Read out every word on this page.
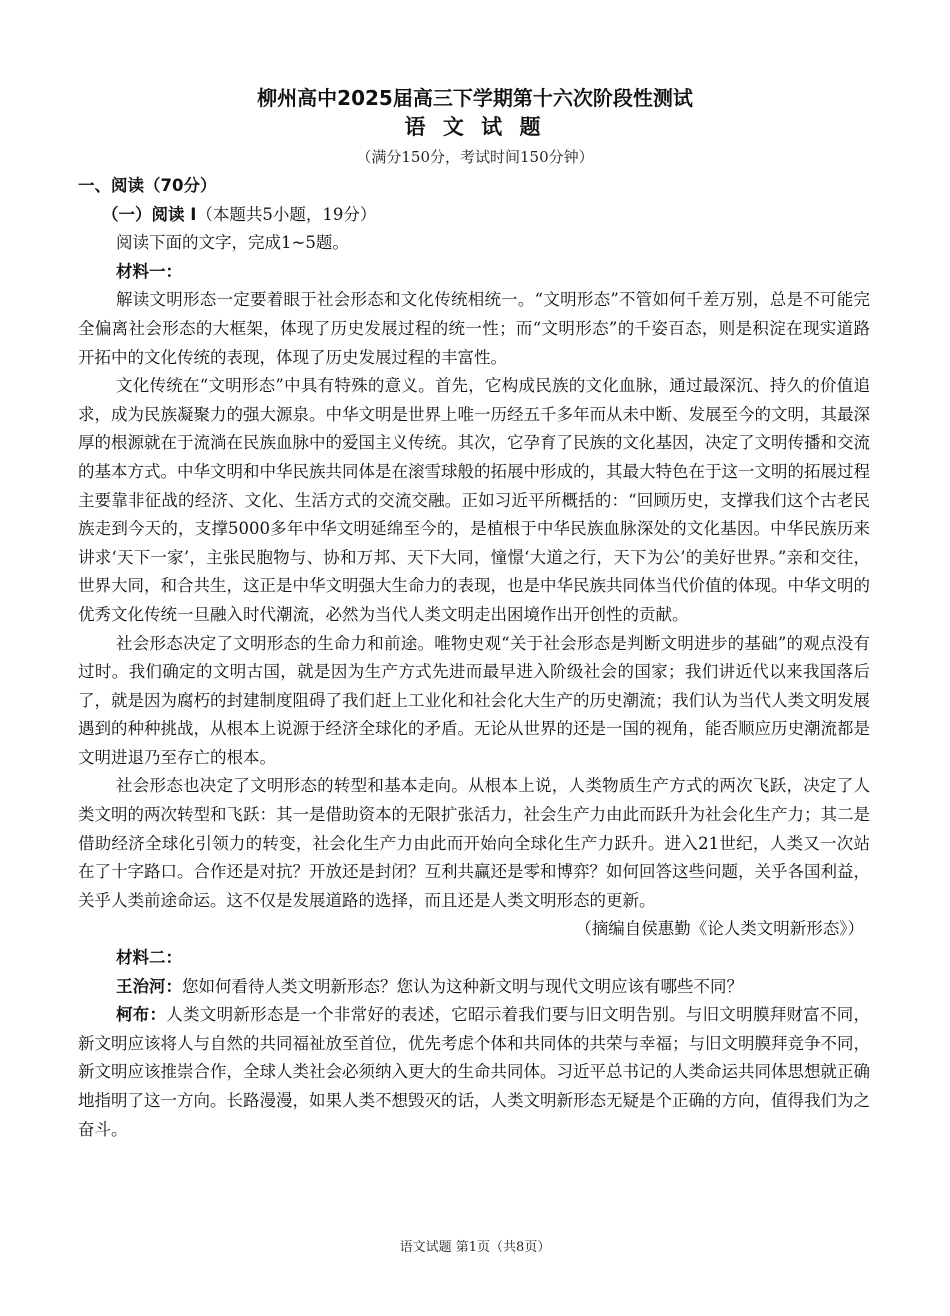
柳州高中2025届高三下学期第十六次阶段性测试
语 文 试 题
（满分150分，考试时间150分钟）
一、阅读（70分）
（一）阅读 I（本题共5小题，19分）
阅读下面的文字，完成1~5题。
材料一：

解读文明形态一定要着眼于社会形态和文化传统相统一。“文明形态”不管如何千差万别，总是不可能完全偏离社会形态的大框架，体现了历史发展过程的统一性；而“文明形态”的千姿百态，则是积淀在现实道路开拓中的文化传统的表现，体现了历史发展过程的丰富性。

文化传统在“文明形态”中具有特殊的意义。首先，它构成民族的文化血脉，通过最深沉、持久的价值追求，成为民族凝聚力的强大源泉。中华文明是世界上唯一历经五千多年而从未中断、发展至今的文明，其最深厚的根源就在于流淌在民族血脉中的爱国主义传统。其次，它孕育了民族的文化基因，决定了文明传播和交流的基本方式。中华文明和中华民族共同体是在滚雪球般的拓展中形成的，其最大特色在于这一文明的拓展过程主要靠非征战的经济、文化、生活方式的交流交融。正如习近平所概括的：“回顾历史，支撑我们这个古老民族走到今天的，支撑5000多年中华文明延绵至今的，是植根于中华民族血脉深处的文化基因。中华民族历来讲求‘天下一家’，主张民胞物与、协和万邦、天下大同，憧憬‘大道之行，天下为公’的美好世界。”亲和交往，世界大同，和合共生，这正是中华文明强大生命力的表现，也是中华民族共同体当代价值的体现。中华文明的优秀文化传统一旦融入时代潮流，必然为当代人类文明走出困境作出开创性的贡献。

社会形态决定了文明形态的生命力和前途。唯物史观“关于社会形态是判断文明进步的基础”的观点没有过时。我们确定的文明古国，就是因为生产方式先进而最早进入阶级社会的国家；我们讲近代以来我国落后了，就是因为腐朽的封建制度阻碍了我们赶上工业化和社会化大生产的历史潮流；我们认为当代人类文明发展遇到的种种挑战，从根本上说源于经济全球化的矛盾。无论从世界的还是一国的视角，能否顺应历史潮流都是文明进退乃至存亡的根本。

社会形态也决定了文明形态的转型和基本走向。从根本上说，人类物质生产方式的两次飞跃，决定了人类文明的两次转型和飞跃：其一是借助资本的无限扩张活力，社会生产力由此而跃升为社会化生产力；其二是借助经济全球化引领力的转变，社会化生产力由此而开始向全球化生产力跃升。进入21世纪，人类又一次站在了十字路口。合作还是对抗？开放还是封闭？互利共赢还是零和博弈？如何回答这些问题，关乎各国利益，关乎人类前途命运。这不仅是发展道路的选择，而且还是人类文明形态的更新。

（摘编自侯惠勤《论人类文明新形态》）
材料二：

王治河：您如何看待人类文明新形态？您认为这种新文明与现代文明应该有哪些不同？

柯布：人类文明新形态是一个非常好的表述，它昭示着我们要与旧文明告别。与旧文明膜拜财富不同，新文明应该将人与自然的共同福祉放至首位，优先考虑个体和共同体的共荣与幸福；与旧文明膜拜竞争不同，新文明应该推崇合作，全球人类社会必须纳入更大的生命共同体。习近平总书记的人类命运共同体思想就正确地指明了这一方向。长路漫漫，如果人类不想毁灭的话，人类文明新形态无疑是个正确的方向，值得我们为之奋斗。

语文试题 第1页（共8页）
